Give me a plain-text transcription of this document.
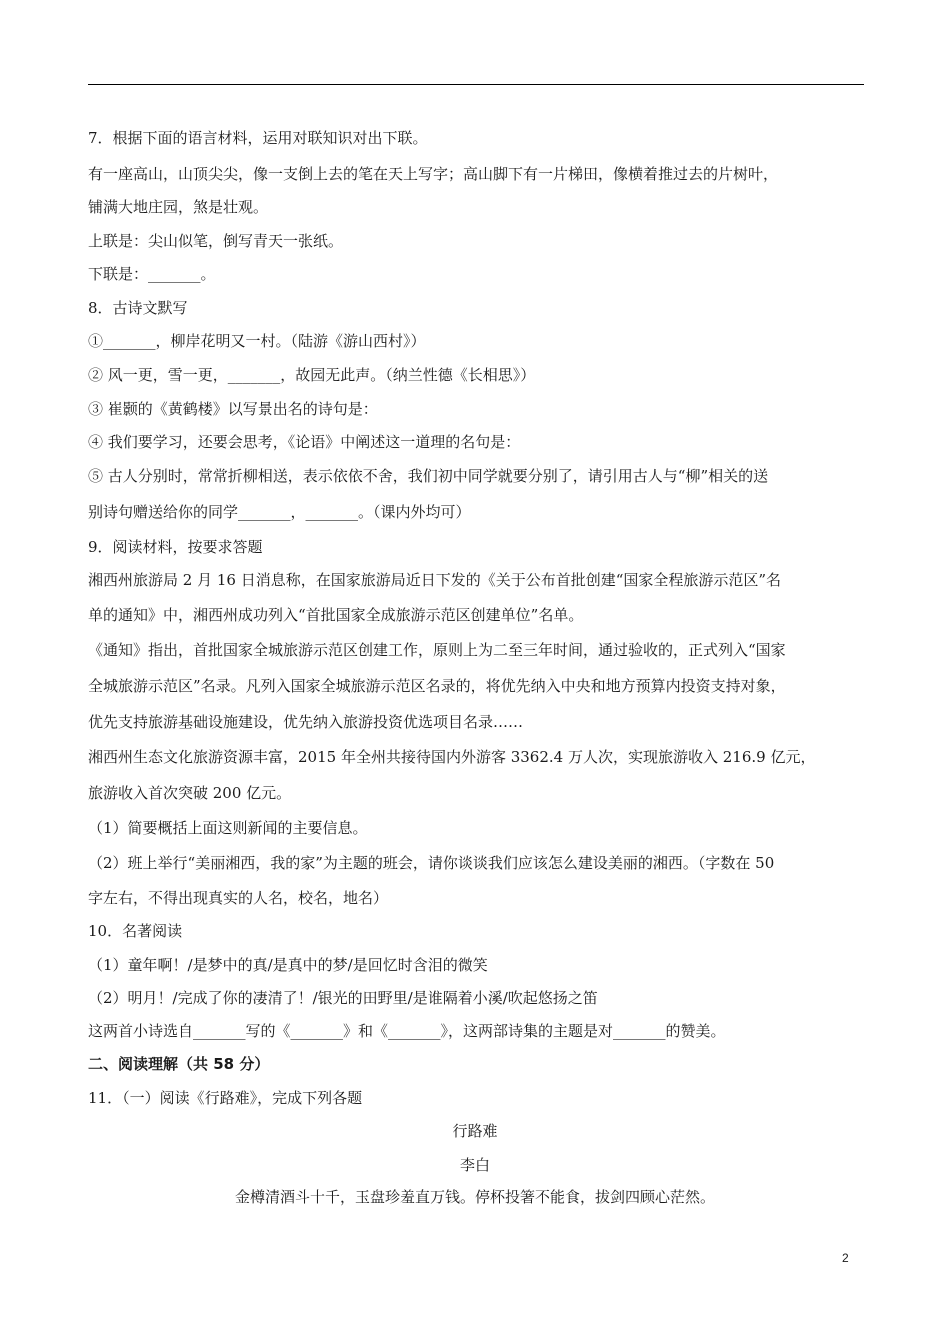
7．根据下面的语言材料，运用对联知识对出下联。
有一座高山，山顶尖尖，像一支倒上去的笔在天上写字；高山脚下有一片梯田，像横着推过去的片树叶，
铺满大地庄园，煞是壮观。
上联是：尖山似笔，倒写青天一张纸。
下联是：_______。
8．古诗文默写
①_______，柳岸花明又一村。（陆游《游山西村》）
② 风一更，雪一更，_______，故园无此声。（纳兰性德《长相思》）
③ 崔颢的《黄鹤楼》以写景出名的诗句是：
④ 我们要学习，还要会思考，《论语》中阐述这一道理的名句是：
⑤ 古人分别时，常常折柳相送，表示依依不舍，我们初中同学就要分别了，请引用古人与“柳”相关的送
别诗句赠送给你的同学_______，_______。（课内外均可）
9．阅读材料，按要求答题
湘西州旅游局 2 月 16 日消息称，在国家旅游局近日下发的《关于公布首批创建“国家全程旅游示范区”名
单的通知》中，湘西州成功列入“首批国家全成旅游示范区创建单位”名单。
《通知》指出，首批国家全城旅游示范区创建工作，原则上为二至三年时间，通过验收的，正式列入“国家
全城旅游示范区”名录。凡列入国家全城旅游示范区名录的，将优先纳入中央和地方预算内投资支持对象，
优先支持旅游基础设施建设，优先纳入旅游投资优选项目名录……
湘西州生态文化旅游资源丰富，2015 年全州共接待国内外游客 3362.4 万人次，实现旅游收入 216.9 亿元，
旅游收入首次突破 200 亿元。
（1）简要概括上面这则新闻的主要信息。
（2）班上举行“美丽湘西，我的家”为主题的班会，请你谈谈我们应该怎么建设美丽的湘西。（字数在 50
字左右，不得出现真实的人名，校名，地名）
10．名著阅读
（1）童年啊！/是梦中的真/是真中的梦/是回忆时含泪的微笑
（2）明月！/完成了你的凄清了！/银光的田野里/是谁隔着小溪/吹起悠扬之笛
这两首小诗选自_______写的《_______》和《_______》，这两部诗集的主题是对_______的赞美。
二、阅读理解（共 58 分）
11．（一）阅读《行路难》，完成下列各题
行路难
李白
金樽清酒斗十千，玉盘珍羞直万钱。停杯投箸不能食，拔剑四顾心茫然。
2
